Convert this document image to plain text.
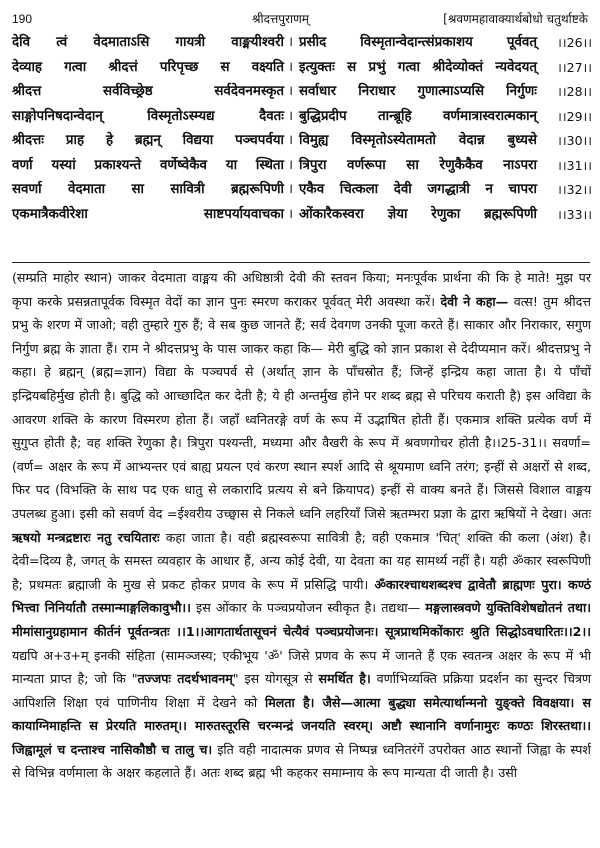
190	श्रीदत्तपुराणम्	[श्रवणमहावाक्यार्थबोधो चतुर्थाष्टके
देवि त्वं वेदमाताऽसि गायत्री वाङ्मयीश्वरी । प्रसीद विस्मृतान्वेदान्त्संप्रकाशय पूर्ववत् ।।26।।
देव्याह गत्वा श्रीदत्तं परिपृच्छ स वक्ष्यति । इत्युक्तः स प्रभुं गत्वा श्रीदेव्योक्तं न्यवेदयत् ।।27।।
श्रीदत्त सर्वविच्छ्रेष्ठ सर्वदेवनमस्कृत । सर्वाधार निराधार गुणात्माऽप्यसि निर्गुणः ।।28।।
साङ्गोपनिषदान्वेदान् विस्मृतोऽस्म्यद्य दैवतः । बुद्धिप्रदीप तान्ब्रूहि वर्णमात्रास्वरात्मकान् ।।29।।
श्रीदत्तः प्राह हे ब्रह्मन् विद्यया पञ्चपर्वया । विमुह्य विस्मृतोऽस्येतामतो वेदान्न बुध्यसे ।।30।।
वर्णा यस्यां प्रकाश्यन्ते वर्णेष्वेकैव या स्थिता । त्रिपुरा वर्णरूपा सा रेणुकैकैव नाऽपरा ।।31।।
सवर्णा वेदमाता सा सावित्री ब्रह्मरूपिणी । एकैव चित्कला देवी जगद्धात्री न चापरा ।।32।।
एकमात्रैकवीरेशा साष्टपर्यायवाचका । ओंकारैकस्वरा ज्ञेया रेणुका ब्रह्मरूपिणी ।।33।।
(सम्प्रति माहोर स्थान) जाकर वेदमाता वाङ्मय की अधिष्ठात्री देवी की स्तवन किया; मनःपूर्वक प्रार्थना की कि हे माते! मुझ पर कृपा करके प्रसन्नतापूर्वक विस्मृत वेदों का ज्ञान पुनः स्मरण कराकर पूर्ववत् मेरी अवस्था करें। देवी ने कहा— वत्स! तुम श्रीदत्त प्रभु के शरण में जाओ; वही तुम्हारे गुरु हैं; वे सब कुछ जानते हैं; सर्व देवगण उनकी पूजा करते हैं। साकार और निराकार, सगुण निर्गुण ब्रह्म के ज्ञाता हैं। राम ने श्रीदत्तप्रभु के पास जाकर कहा कि— मेरी बुद्धि को ज्ञान प्रकाश से देदीप्यमान करें। श्रीदत्तप्रभु ने कहा। हे ब्रह्मन् (ब्रह्म=ज्ञान) विद्या के पञ्चपर्व से (अर्थात् ज्ञान के पाँचस्रोत हैं; जिन्हें इन्द्रिय कहा जाता है। ये पाँचों इन्द्रियबहिर्मुख होती है। बुद्धि को आच्छादित कर देती है; ये ही अन्तर्मुख होने पर शब्द ब्रह्म से परिचय कराती है) इस अविद्या के आवरण शक्ति के कारण विस्मरण होता हैं। जहाँ ध्वनितरङ्गे वर्ण के रूप में उद्भाषित होती हैं। एकमात्र शक्ति प्रत्येक वर्ण में सुगुप्त होती है; वह शक्ति रेणुका है। त्रिपुरा पश्यन्ती, मध्यमा और वैखरी के रूप में श्रवणगोचर होती है।।25-31।। सवर्णा=(वर्ण= अक्षर के रूप में आभ्यन्तर एवं बाह्य प्रयत्न एवं करण स्थान स्पर्श आदि से श्रूयमाण ध्वनि तरंग; इन्हीं से अक्षरों से शब्द, फिर पद (विभक्ति के साथ पद एक धातु से लकारादि प्रत्यय से बने क्रियापद) इन्हीं से वाक्य बनते हैं। जिससे विशाल वाङ्मय उपलब्ध हुआ। इसी को सवर्ण वेद =ईश्वरीय उच्छ्वास से निकले ध्वनि लहरियाँ जिसे ऋतम्भरा प्रज्ञा के द्वारा ऋषियों ने देखा। अतः ऋषयो मन्त्रद्रष्टारः नतु रचयितारः कहा जाता है। वही ब्रह्मस्वरूपा सावित्री है; वही एकमात्र 'चित्' शक्ति की कला (अंश) है। देवी=दिव्य है, जगत् के समस्त व्यवहार के आधार हैं, अन्य कोई देवी, या देवता का यह सामर्थ्य नहीं है। यही ॐकार स्वरूपिणी है; प्रथमतः ब्रह्माजी के मुख से प्रकट होकर प्रणव के रूप में प्रसिद्धि पायी। ॐकारश्चाथशब्दश्च द्वावेतौ ब्राह्मणः पुरा। कण्ठं भित्त्वा निनिर्यातौ तस्मान्माङ्गलिकावुभौ।। इस ओंकार के पञ्चप्रयोजन स्वीकृत है। तद्यथा— मङ्गलास्त्रवणे युक्तिविशेषद्योतनं तथा। मीमांसानुग्रहामान कीर्तनं पूर्वतन्त्रतः ।।1।।आगतार्थतासूचनं चेत्यैवं पञ्चप्रयोजनः। सूत्रप्राथमिकोंकारः श्रुति सिद्धोऽवधारितः।।2।। यद्यपि अ+उ+म् इनकी संहिता (सामञ्जस्य; एकीभूय 'ॐ' जिसे प्रणव के रूप में जानते हैं एक स्वतन्त्र अक्षर के रूप में भी मान्यता प्राप्त है; जो कि "तज्जपः तदर्थभावनम्" इस योगसूत्र से समर्थित है। वर्णाभिव्यक्ति प्रक्रिया प्रदर्शन का सुन्दर चित्रण आपिशलि शिक्षा एवं पाणिनीय शिक्षा में देखने को मिलता है। जैसे—आत्मा बुद्ध्या समेत्यार्थान्मनो युङ्क्ते विवक्षया। स कायाग्निमाहन्ति स प्रेरयति मारुतम्।। मारुतस्तूरसि चरन्मन्द्रं जनयति स्वरम्। अष्टौ स्थानानि वर्णानामुरः कण्ठः शिरस्तथा।। जिह्वामूलं च दन्ताश्च नासिकौष्ठौ च तालु च। इति वही नादात्मक प्रणव से निष्पन्न ध्वनितरंगें उपरोक्त आठ स्थानों जिह्वा के स्पर्श से विभिन्न वर्णमाला के अक्षर कहलाते हैं। अतः शब्द ब्रह्म भी कहकर समाम्नाय के रूप मान्यता दी जाती है। उसी
